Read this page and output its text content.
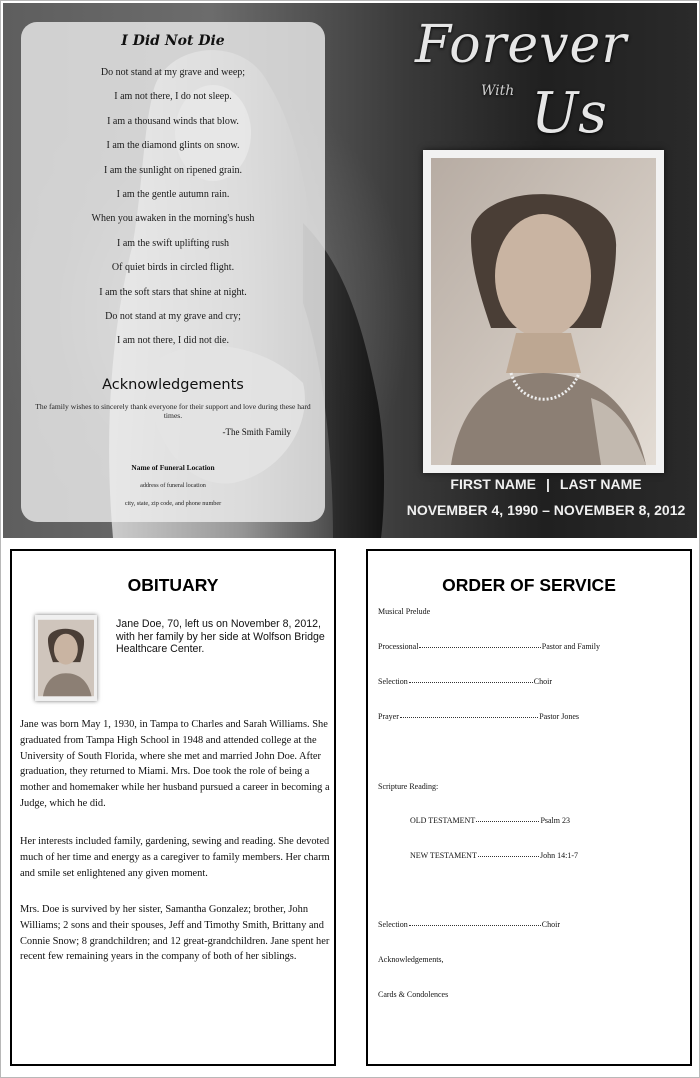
Forever
With Us
I Did Not Die
Do not stand at my grave and weep;
I am not there, I do not sleep.
I am a thousand winds that blow.
I am the diamond glints on snow.
I am the sunlight on ripened grain.
I am the gentle autumn rain.
When you awaken in the morning's hush
I am the swift uplifting rush
Of quiet birds in circled flight.
I am the soft stars that shine at night.
Do not stand at my grave and cry;
I am not there, I did not die.
Acknowledgements
The family wishes to sincerely thank everyone for their support and love during these hard times.
-The Smith Family
Name of Funeral Location
address of funeral location
city, state, zip code, and phone number
FIRST NAME | LAST NAME
NOVEMBER 4, 1990 – NOVEMBER 8, 2012
OBITUARY
Jane Doe, 70, left us on November 8, 2012, with her family by her side at Wolfson Bridge Healthcare Center.
Jane was born May 1, 1930, in Tampa to Charles and Sarah Williams. She graduated from Tampa High School in 1948 and attended college at the University of South Florida, where she met and married John Doe. After graduation, they returned to Miami. Mrs. Doe took the role of being a mother and homemaker while her husband pursued a career in becoming a Judge, which he did.
Her interests included family, gardening, sewing and reading. She devoted much of her time and energy as a caregiver to family members. Her charm and smile set enlightened any given moment.
Mrs. Doe is survived by her sister, Samantha Gonzalez; brother, John Williams; 2 sons and their spouses, Jeff and Timothy Smith, Brittany and Connie Snow; 8 grandchildren; and 12 great-grandchildren. Jane spent her recent few remaining years in the company of both of her siblings.
ORDER OF SERVICE
Musical Prelude
Processional	Pastor and Family
Selection	Choir
Prayer	Pastor Jones
Scripture Reading:
OLD TESTAMENT	Psalm 23
NEW TESTAMENT	John 14:1-7
Selection	Choir
Acknowledgements,
Cards & Condolences
